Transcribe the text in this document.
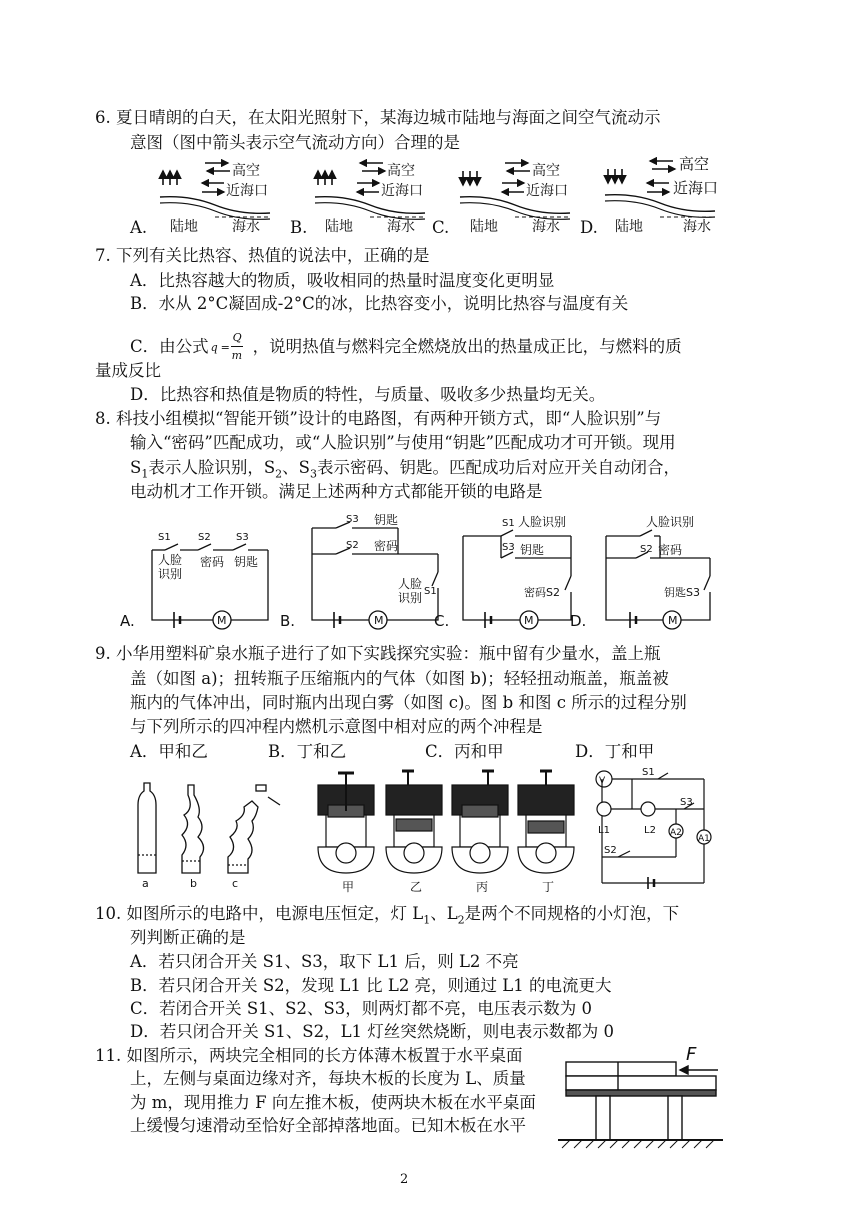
6. 夏日晴朗的白天，在太阳光照射下，某海边城市陆地与海面之间空气流动示
意图（图中箭头表示空气流动方向）合理的是
高空
近海口
陆地 海水
高空
近海口
陆地 海水
高空
近海口
陆地 海水
高空
近海口
陆地	海水
A.	B.	C.	D.
7. 下列有关比热容、热值的说法中，正确的是
A．比热容越大的物质，吸收相同的热量时温度变化更明显
B．水从 2°C凝固成-2°C的冰，比热容变小，说明比热容与温度有关
C．由公式 q =
Q
m ，说明热值与燃料完全燃烧放出的热量成正比，与燃料的质
量成反比
D．比热容和热值是物质的特性，与质量、吸收多少热量均无关。
8. 科技小组模拟“智能开锁”设计的电路图，有两种开锁方式，即“人脸识别”与
输入“密码”匹配成功，或“人脸识别”与使用“钥匙”匹配成功才可开锁。现用
$S_1$表示人脸识别，$S_2$、$S_3$表示密码、钥匙。匹配成功后对应开关自动闭合，
电动机才工作开锁。满足上述两种方式都能开锁的电路是
S1	S2	S3
人脸
识别
密码 钥匙
M
A.
S3 钥匙
S2 密码
人脸
识别 S1
M
B.
S1 人脸识别
S3 钥匙
密码S2
M
C.
人脸识别
S2 密码
钥匙S3
M
D.
9. 小华用塑料矿泉水瓶子进行了如下实践探究实验：瓶中留有少量水，盖上瓶
盖（如图 a)；扭转瓶子压缩瓶内的气体（如图 b)；轻轻扭动瓶盖，瓶盖被
瓶内的气体冲出，同时瓶内出现白雾（如图 c)。图 b 和图 c 所示的过程分别
与下列所示的四冲程内燃机示意图中相对应的两个冲程是
A．甲和乙	B．丁和乙	C．丙和甲	D．丁和甲
a	b	c	甲	乙	丙	丁
V
S1
S3
L1	L2 A2
A1
S2
10. 如图所示的电路中，电源电压恒定，灯 $L_1$、$L_2$是两个不同规格的小灯泡，下
列判断正确的是
A．若只闭合开关 S1、S3，取下 L1 后，则 L2 不亮
B．若只闭合开关 S2，发现 L1 比 L2 亮，则通过 L1 的电流更大
C．若闭合开关 S1、S2、S3，则两灯都不亮，电压表示数为 0
D．若只闭合开关 S1、S2，L1 灯丝突然烧断，则电表示数都为 0
11. 如图所示，两块完全相同的长方体薄木板置于水平桌面
上，左侧与桌面边缘对齐，每块木板的长度为 L、质量
为 m，现用推力 F 向左推木板，使两块木板在水平桌面
上缓慢匀速滑动至恰好全部掉落地面。已知木板在水平
F
2
